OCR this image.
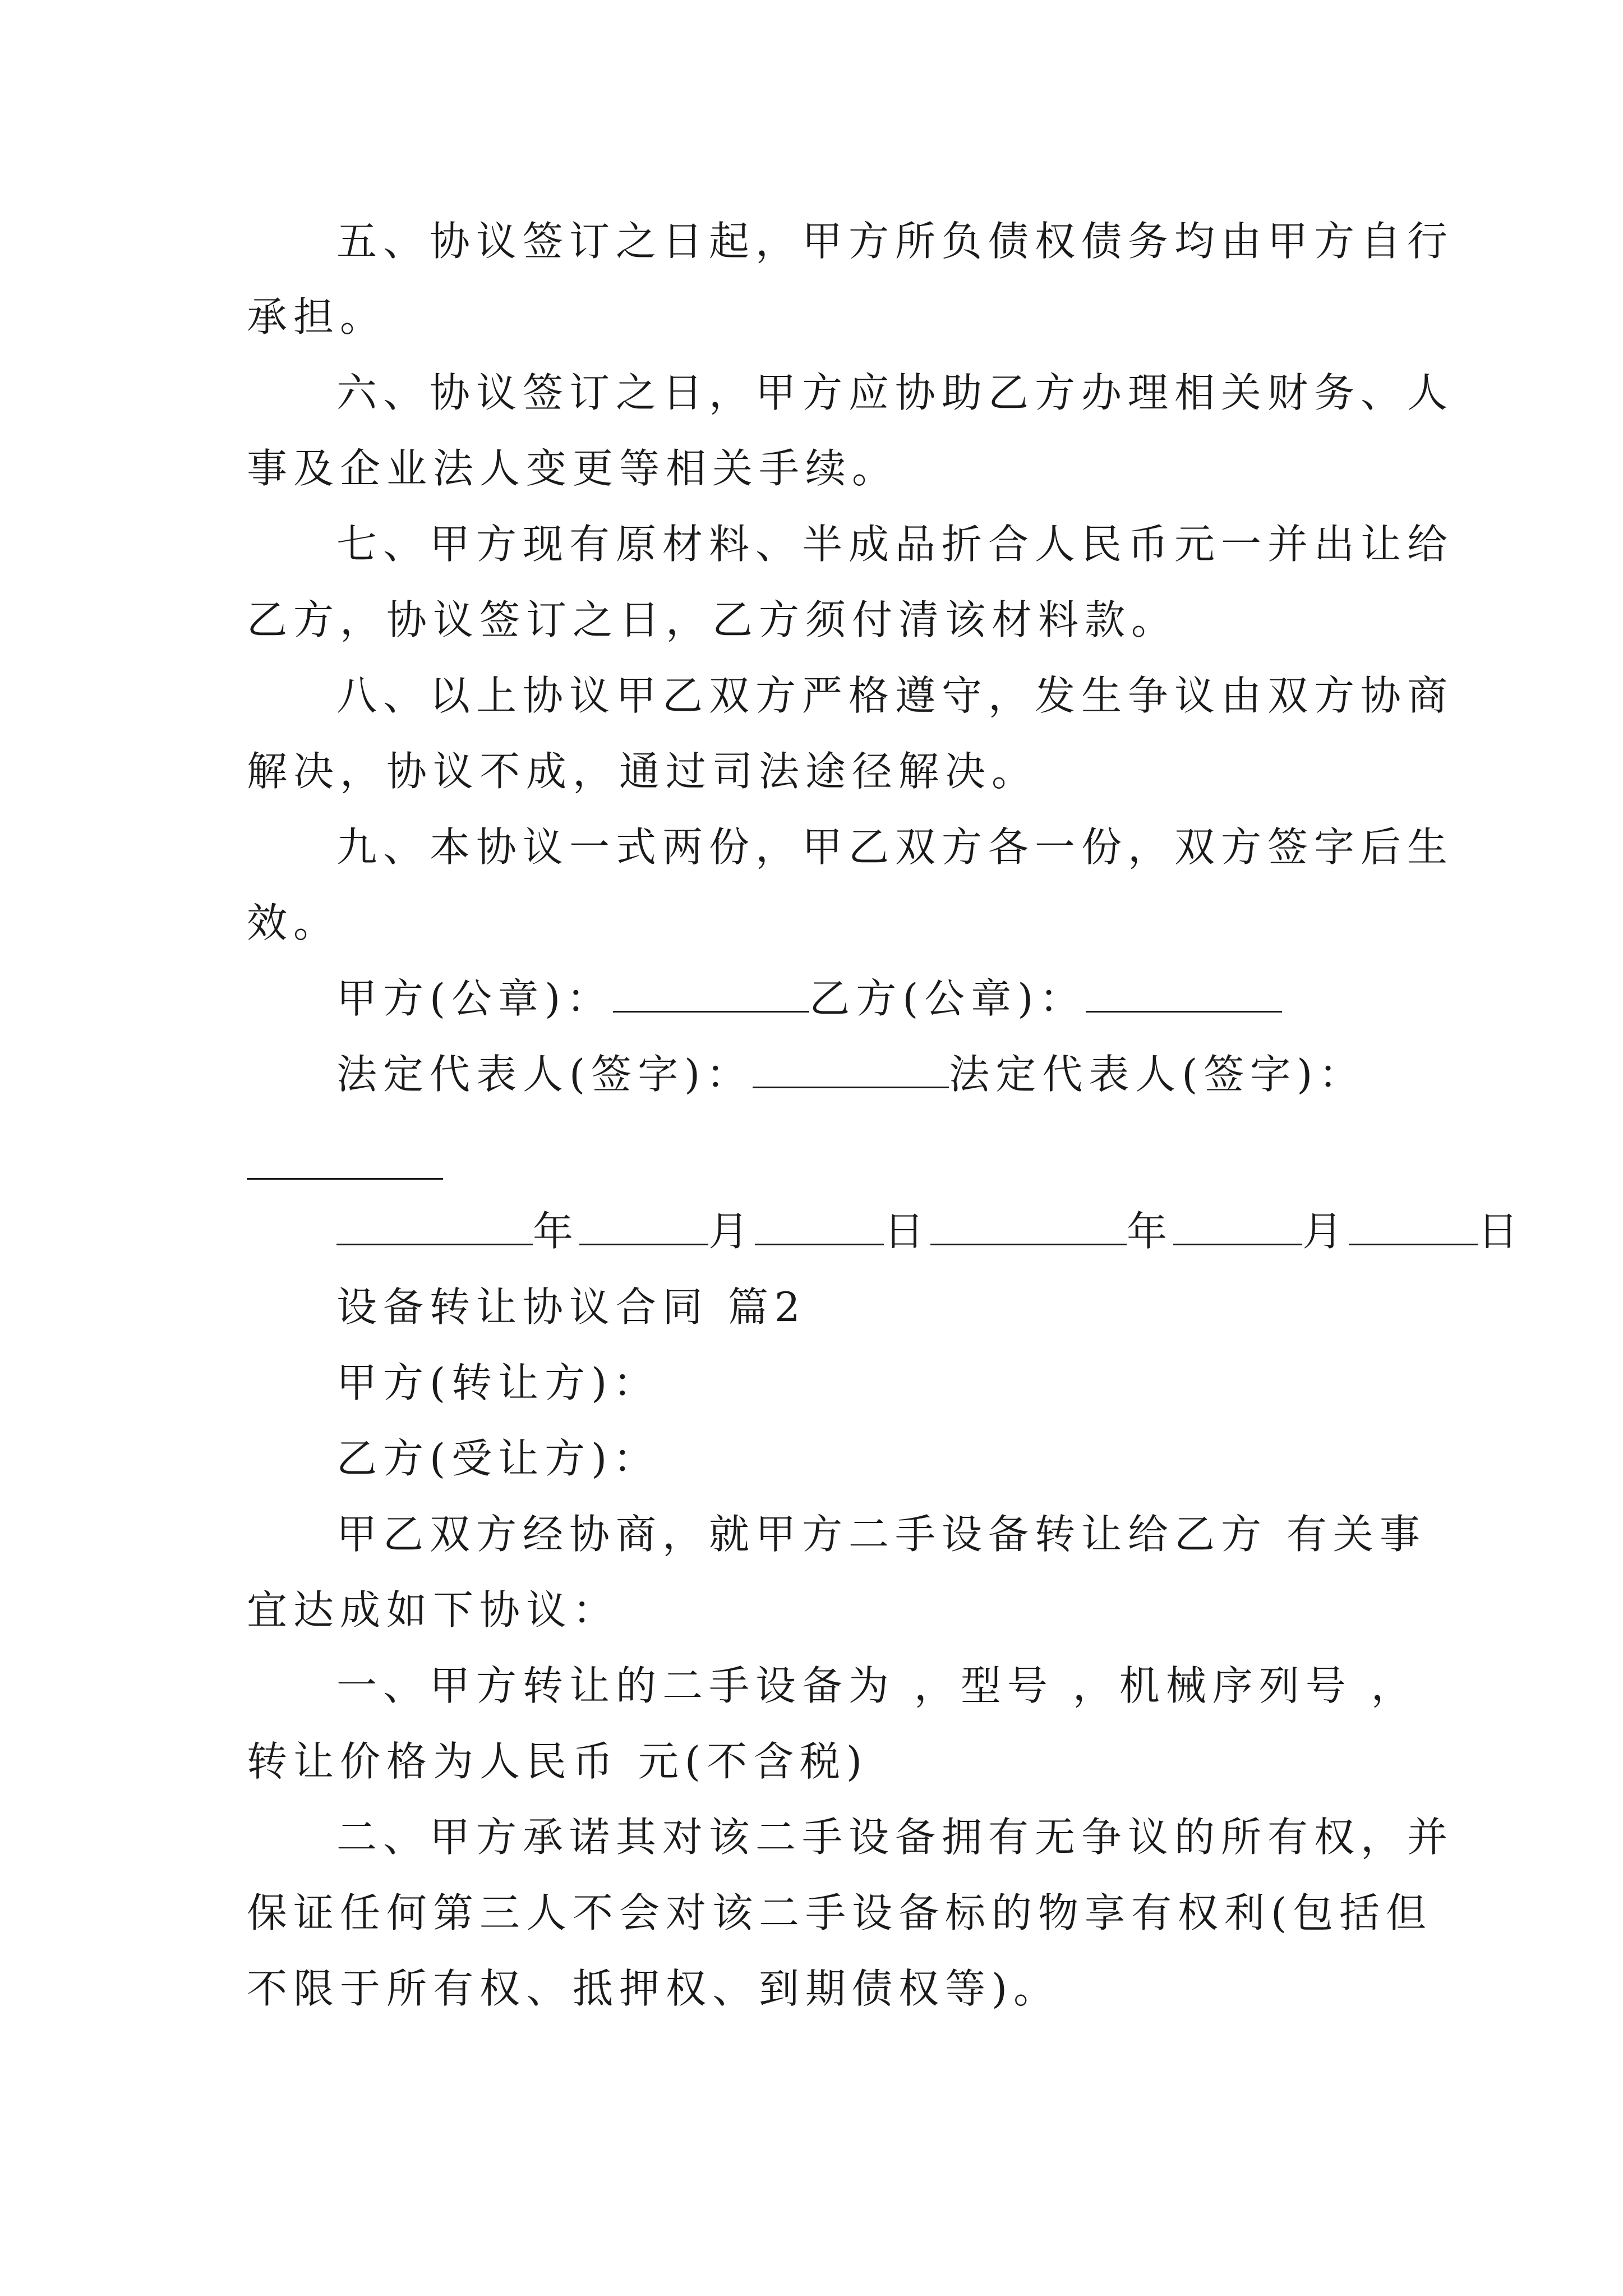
五、协议签订之日起，甲方所负债权债务均由甲方自行
承担。
六、协议签订之日，甲方应协助乙方办理相关财务、人
事及企业法人变更等相关手续。
七、甲方现有原材料、半成品折合人民币元一并出让给
乙方，协议签订之日，乙方须付清该材料款。
八、以上协议甲乙双方严格遵守，发生争议由双方协商
解决，协议不成，通过司法途径解决。
九、本协议一式两份，甲乙双方各一份，双方签字后生
效。
甲方(公章)：	乙方(公章)：
法定代表人(签字)：	法定代表人(签字)：
年	月	日	年	月	日
设备转让协议合同 篇2
甲方(转让方)：
乙方(受让方)：
甲乙双方经协商，就甲方二手设备转让给乙方 有关事
宜达成如下协议：
一、甲方转让的二手设备为 ，型号 ，机械序列号 ，
转让价格为人民币 元(不含税)
二、甲方承诺其对该二手设备拥有无争议的所有权，并
保证任何第三人不会对该二手设备标的物享有权利(包括但
不限于所有权、抵押权、到期债权等)。
